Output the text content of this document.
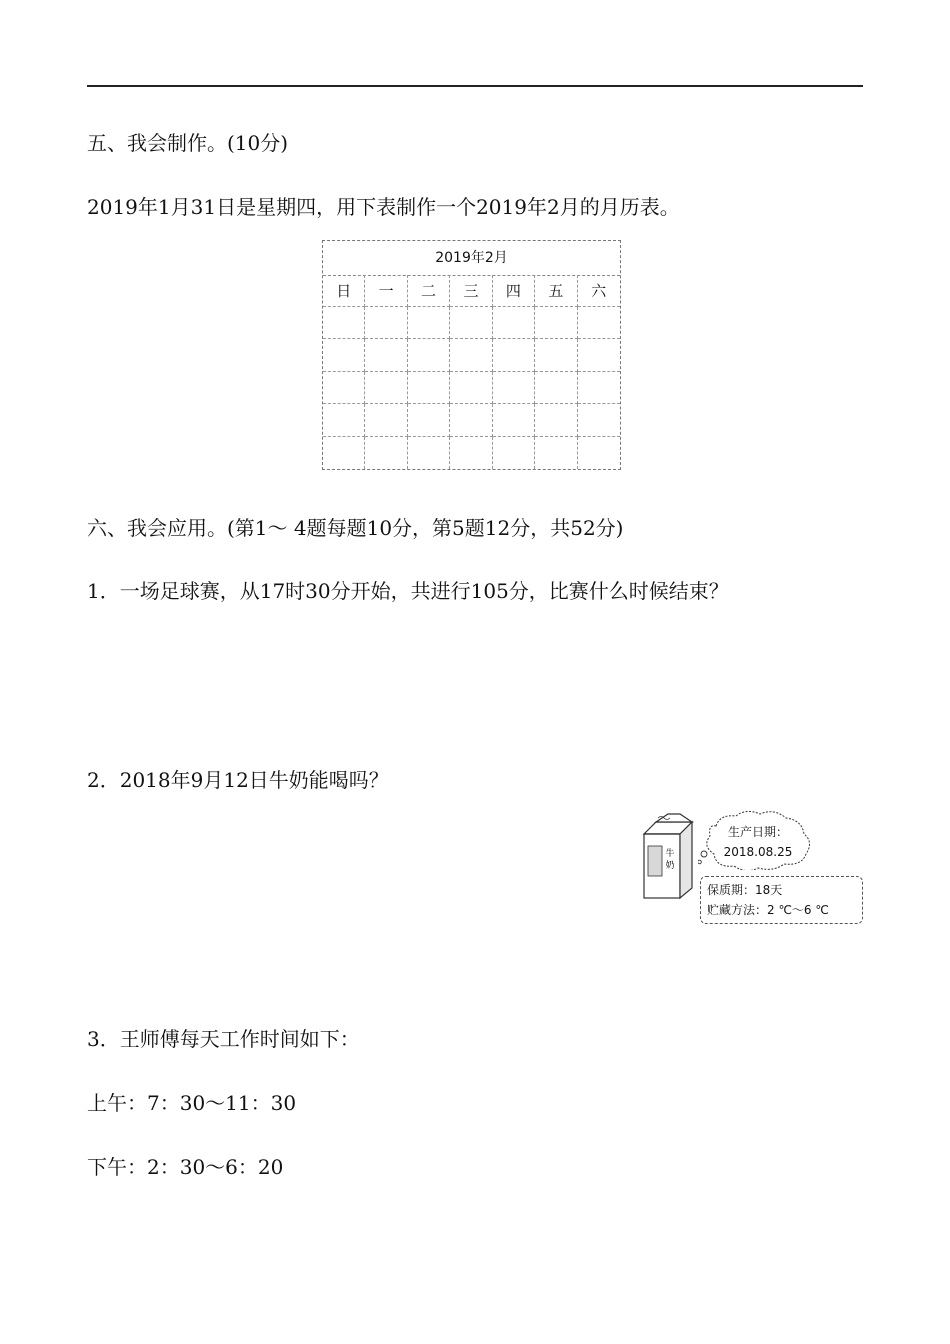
五、我会制作。(10分)
2019年1月31日是星期四，用下表制作一个2019年2月的月历表。
2019年2月
日	一	二	三	四	五	六
六、我会应用。(第1～ 4题每题10分，第5题12分，共52分)
1．一场足球赛，从17时30分开始，共进行105分，比赛什么时候结束？
2．2018年9月12日牛奶能喝吗？
牛
奶
生产日期：
2018.08.25
保质期：18天
贮藏方法：2 ℃～6 ℃
3．王师傅每天工作时间如下：
上午：7：30～11：30
下午：2：30～6：20
